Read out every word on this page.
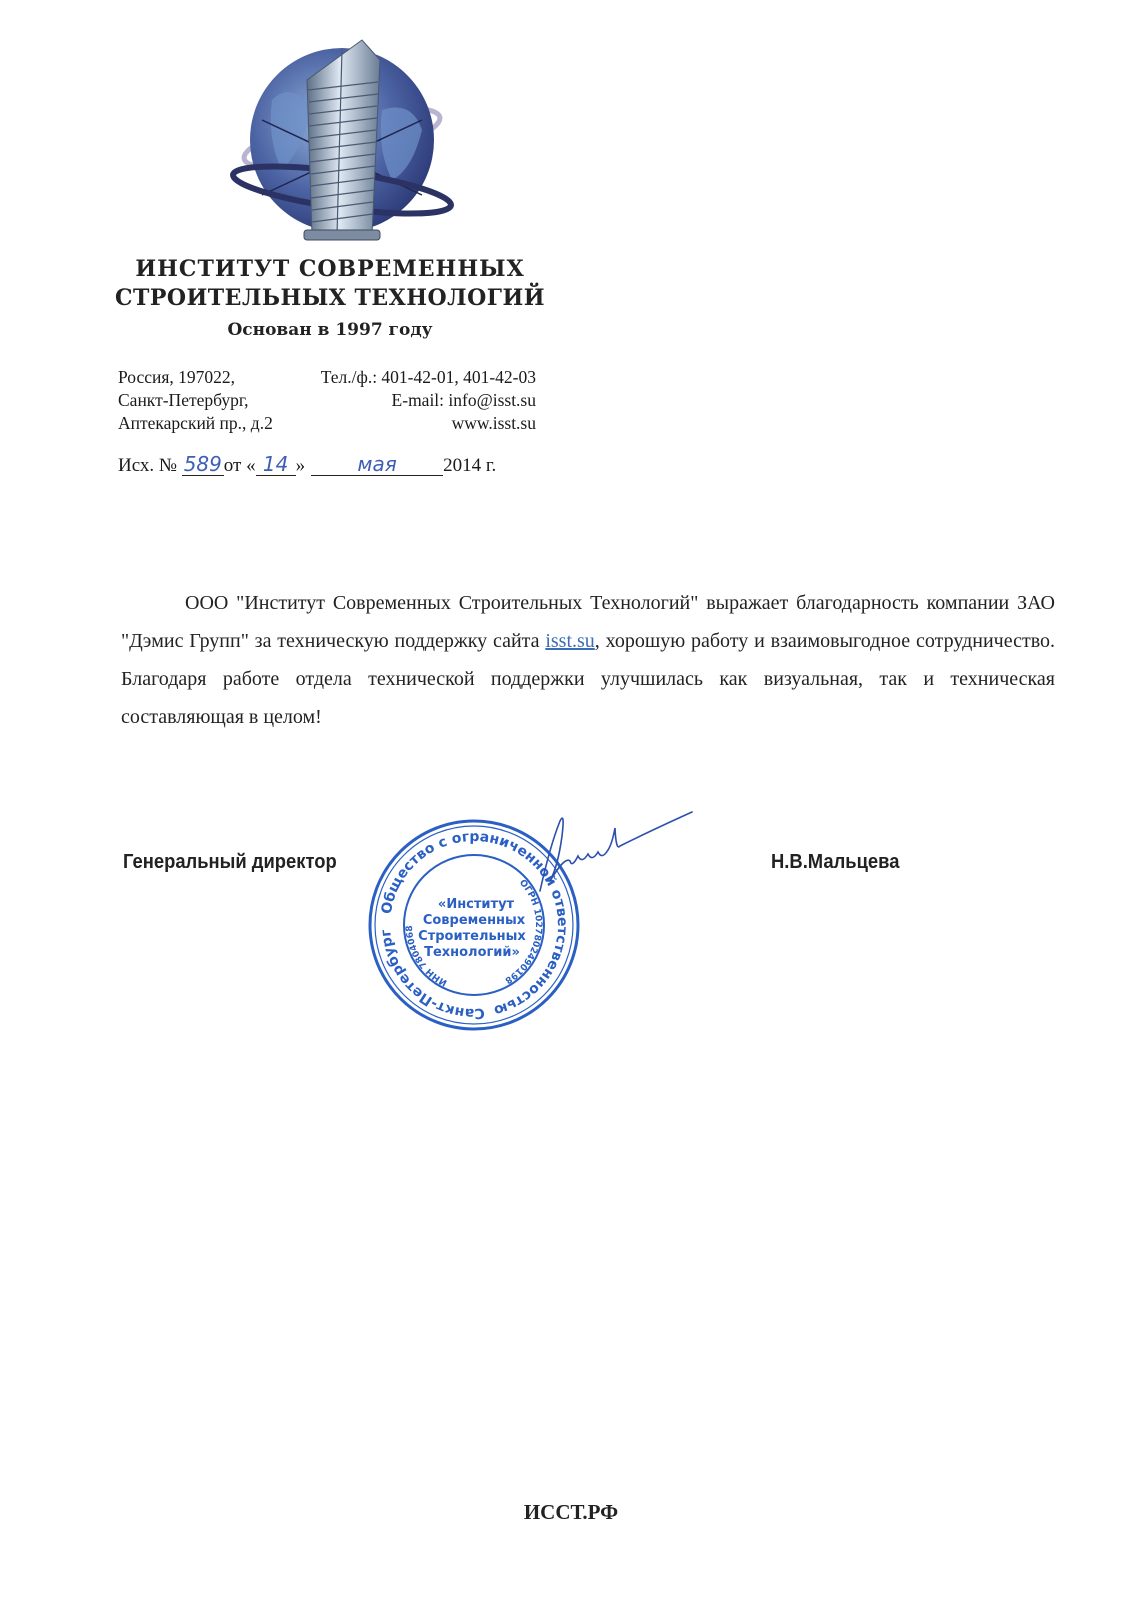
ИНСТИТУТ СОВРЕМЕННЫХ
СТРОИТЕЛЬНЫХ ТЕХНОЛОГИЙ
Основан в 1997 году
Россия, 197022,	Тел./ф.: 401-42-01, 401-42-03
Санкт-Петербург,	E-mail: info@isst.su
Аптекарский пр., д.2	www.isst.su
Исх. № 589 от « 14 »	мая 2014 г.

ООО "Институт Современных Строительных Технологий" выражает благодарность компании ЗАО "Дэмис Групп" за техническую поддержку сайта isst.su, хорошую работу и взаимовыгодное сотрудничество. Благодаря работе отдела технической поддержки улучшилась как визуальная, так и техническая составляющая в целом!

Генеральный директор	Н.В.Мальцева
Общество с ограниченной ответственностью
Санкт-Петербург
ОГРН 1027802490198
ИНН 7804068
«Институт
Современных
Строительных
Технологий»
ИССТ.РФ
